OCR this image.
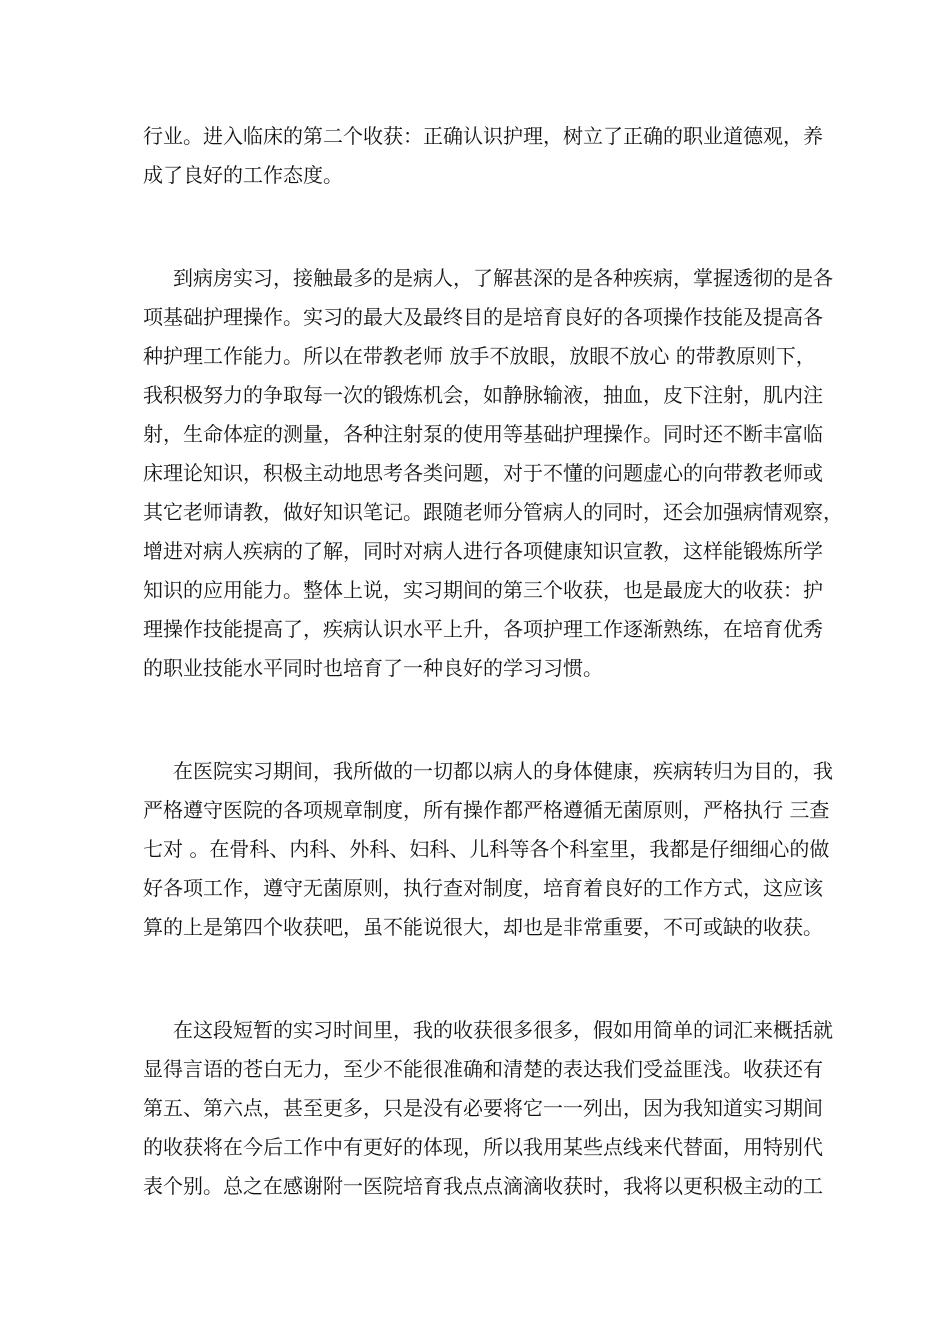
行业。进入临床的第二个收获：正确认识护理，树立了正确的职业道德观，养
成了良好的工作态度。
到病房实习，接触最多的是病人，了解甚深的是各种疾病，掌握透彻的是各
项基础护理操作。实习的最大及最终目的是培育良好的各项操作技能及提高各
种护理工作能力。所以在带教老师 放手不放眼，放眼不放心 的带教原则下，
我积极努力的争取每一次的锻炼机会，如静脉输液，抽血，皮下注射，肌内注
射，生命体症的测量，各种注射泵的使用等基础护理操作。同时还不断丰富临
床理论知识，积极主动地思考各类问题，对于不懂的问题虚心的向带教老师或
其它老师请教，做好知识笔记。跟随老师分管病人的同时，还会加强病情观察，
增进对病人疾病的了解，同时对病人进行各项健康知识宣教，这样能锻炼所学
知识的应用能力。整体上说，实习期间的第三个收获，也是最庞大的收获：护
理操作技能提高了，疾病认识水平上升，各项护理工作逐渐熟练，在培育优秀
的职业技能水平同时也培育了一种良好的学习习惯。
在医院实习期间，我所做的一切都以病人的身体健康，疾病转归为目的，我
严格遵守医院的各项规章制度，所有操作都严格遵循无菌原则，严格执行 三查
七对 。在骨科、内科、外科、妇科、儿科等各个科室里，我都是仔细细心的做
好各项工作，遵守无菌原则，执行查对制度，培育着良好的工作方式，这应该
算的上是第四个收获吧，虽不能说很大，却也是非常重要，不可或缺的收获。
在这段短暂的实习时间里，我的收获很多很多，假如用简单的词汇来概括就
显得言语的苍白无力，至少不能很准确和清楚的表达我们受益匪浅。收获还有
第五、第六点，甚至更多，只是没有必要将它一一列出，因为我知道实习期间
的收获将在今后工作中有更好的体现，所以我用某些点线来代替面，用特别代
表个别。总之在感谢附一医院培育我点点滴滴收获时，我将以更积极主动的工
